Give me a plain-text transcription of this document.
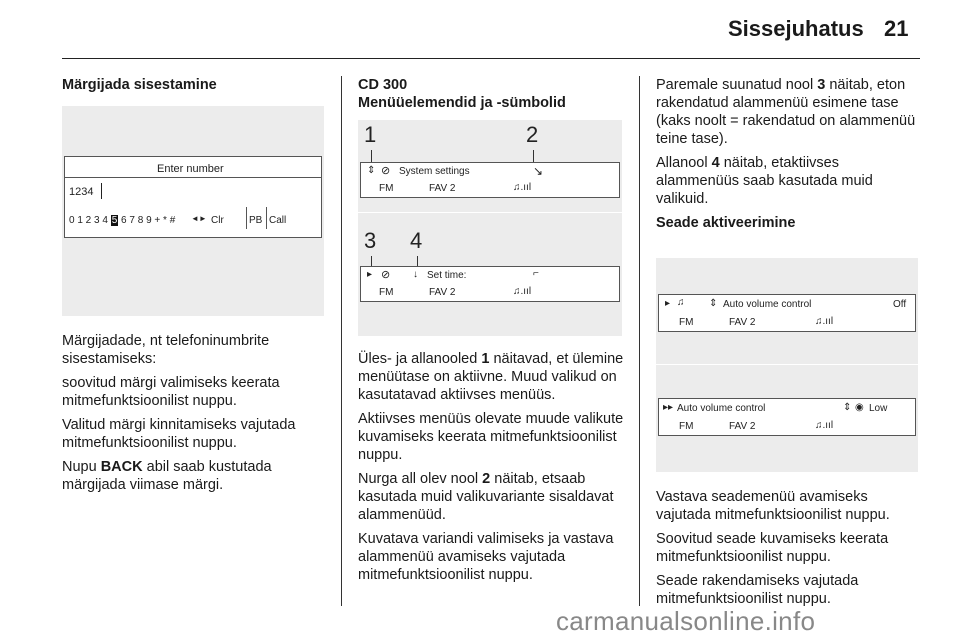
Sissejuhatus 21
Märgijada sisestamine
Enter number
1234
0 1 2 3 4 5 6 7 8 9 + * # ◄► Clr	PB Call

Märgijadade, nt telefoninumbrite sisestamiseks:

soovitud märgi valimiseks keerata mitmefunktsioonilist nuppu.

Valitud märgi kinnitamiseks vajutada mitmefunktsioonilist nuppu.

Nupu BACK abil saab kustutada märgijada viimase märgi.

CD 300
Menüüelemendid ja -sümbolid
1	2
⇕ ⊘ System settings	↘
FM	FAV 2	♫.ııl
3 4
▸ ⊘ ↓ Set time:	⌐
FM	FAV 2	♫.ııl

Üles- ja allanooled 1 näitavad, et ülemine menüütase on aktiivne. Muud valikud on kasutatavad aktiivses menüüs.

Aktiivses menüüs olevate muude valikute kuvamiseks keerata mitmefunktsioonilist nuppu.

Nurga all olev nool 2 näitab, etsaab kasutada muid valikuvariante sisaldavat alammenüüd.

Kuvatava variandi valimiseks ja vastava alammenüü avamiseks vajutada mitmefunktsioonilist nuppu.

Paremale suunatud nool 3 näitab, eton rakendatud alammenüü esimene tase (kaks noolt = rakendatud on alammenüü teine tase).

Allanool 4 näitab, etaktiivses alammenüüs saab kasutada muid valikuid.

Seade aktiveerimine
▸ ♫ ⇕ Auto volume control	Off
FM	FAV 2	♫.ııl
▸▸ Auto volume control	⇕ ◉ Low
FM	FAV 2	♫.ııl

Vastava seademenüü avamiseks vajutada mitmefunktsioonilist nuppu.

Soovitud seade kuvamiseks keerata mitmefunktsioonilist nuppu.

Seade rakendamiseks vajutada mitmefunktsioonilist nuppu.

carmanualsonline.info
